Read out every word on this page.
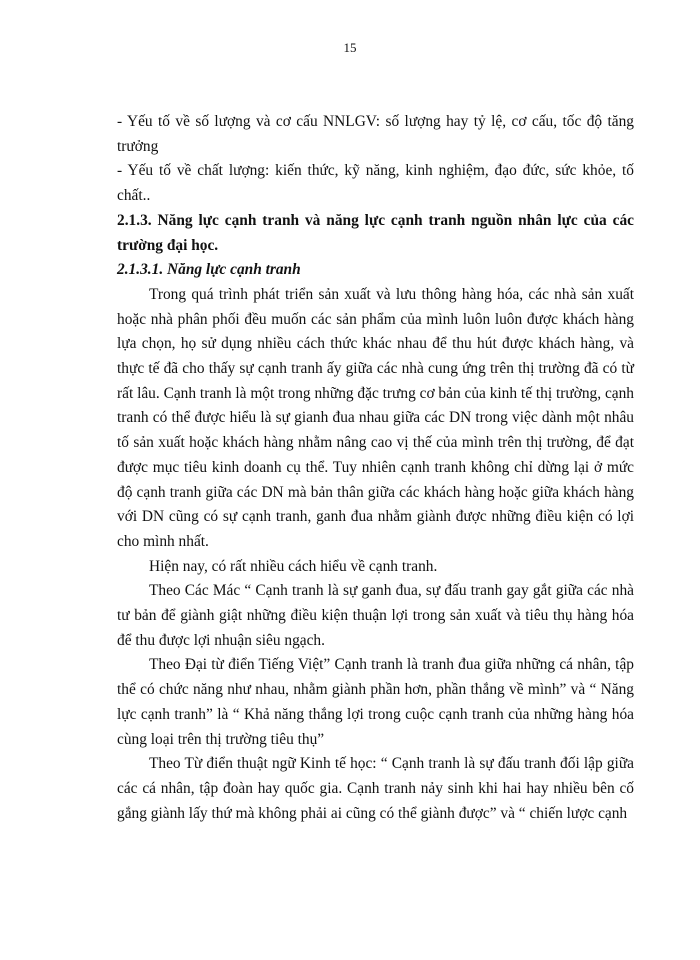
15

- Yếu tố về số lượng và cơ cấu NNLGV: số lượng hay tỷ lệ, cơ cấu, tốc độ tăng trưởng

- Yếu tố về chất lượng: kiến thức, kỹ năng, kinh nghiệm, đạo đức, sức khỏe, tố chất..

2.1.3. Năng lực cạnh tranh và năng lực cạnh tranh nguồn nhân lực của các trường đại học.

2.1.3.1. Năng lực cạnh tranh

Trong quá trình phát triển sản xuất và lưu thông hàng hóa, các nhà sản xuất hoặc nhà phân phối đều muốn các sản phẩm của mình luôn luôn được khách hàng lựa chọn, họ sử dụng nhiều cách thức khác nhau để thu hút được khách hàng, và thực tế đã cho thấy sự cạnh tranh ấy giữa các nhà cung ứng trên thị trường đã có từ rất lâu. Cạnh tranh là một trong những đặc trưng cơ bản của kinh tế thị trường, cạnh tranh có thể được hiểu là sự gianh đua nhau giữa các DN trong việc dành một nhâu tố sản xuất hoặc khách hàng nhằm nâng cao vị thế của mình trên thị trường, để đạt được mục tiêu kinh doanh cụ thể. Tuy nhiên cạnh tranh không chỉ dừng lại ở mức độ cạnh tranh giữa các DN mà bản thân giữa các khách hàng hoặc giữa khách hàng với DN cũng có sự cạnh tranh, ganh đua nhằm giành được những điều kiện có lợi cho mình nhất.

Hiện nay, có rất nhiều cách hiểu về cạnh tranh.

Theo Các Mác “ Cạnh tranh là sự ganh đua, sự đấu tranh gay gắt giữa các nhà tư bản để giành giật những điều kiện thuận lợi trong sản xuất và tiêu thụ hàng hóa để thu được lợi nhuận siêu ngạch.

Theo Đại từ điển Tiếng Việt” Cạnh tranh là tranh đua giữa những cá nhân, tập thể có chức năng như nhau, nhằm giành phần hơn, phần thắng về mình” và “ Năng lực cạnh tranh” là “ Khả năng thắng lợi trong cuộc cạnh tranh của những hàng hóa cùng loại trên thị trường tiêu thụ”

Theo Từ điển thuật ngữ Kinh tế học: “ Cạnh tranh là sự đấu tranh đối lập giữa các cá nhân, tập đoàn hay quốc gia. Cạnh tranh nảy sinh khi hai hay nhiều bên cố gắng giành lấy thứ mà không phải ai cũng có thể giành được” và “ chiến lược cạnh
